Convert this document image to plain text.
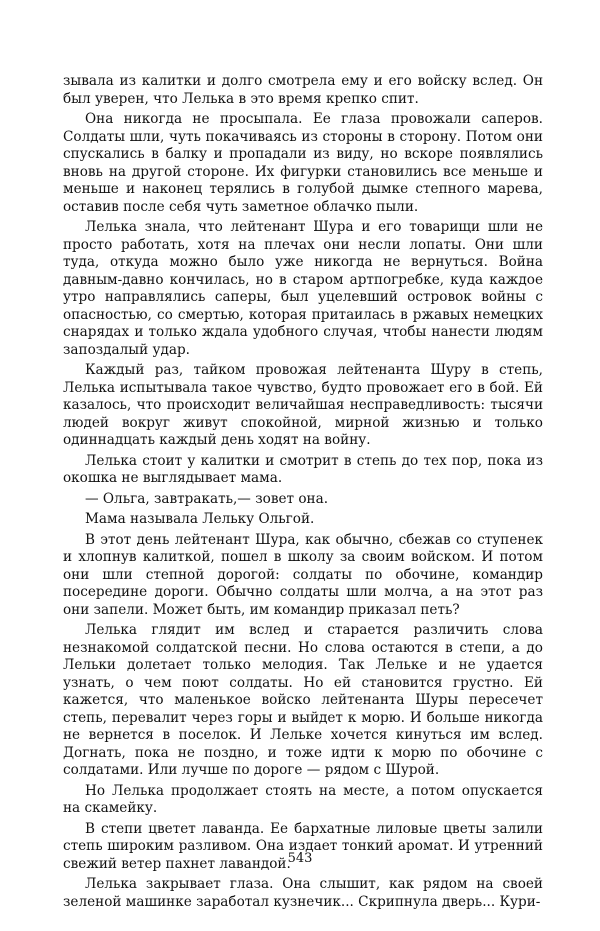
зывала из калитки и долго смотрела ему и его войску вслед. Он был уверен, что Лелька в это время крепко спит.

Она никогда не просыпала. Ее глаза провожали саперов. Солдаты шли, чуть покачиваясь из стороны в сторону. Потом они спускались в балку и пропадали из виду, но вскоре появлялись вновь на другой стороне. Их фигурки становились все меньше и меньше и наконец терялись в голубой дымке степного марева, оставив после себя чуть заметное облачко пыли.

Лелька знала, что лейтенант Шура и его товарищи шли не просто работать, хотя на плечах они несли лопаты. Они шли туда, откуда можно было уже никогда не вернуться. Война давным-давно кончилась, но в старом артпогребке, куда каждое утро направлялись саперы, был уцелевший островок войны с опасностью, со смертью, которая притаилась в ржавых немецких снарядах и только ждала удобного случая, чтобы нанести людям запоздалый удар.

Каждый раз, тайком провожая лейтенанта Шуру в степь, Лелька испытывала такое чувство, будто провожает его в бой. Ей казалось, что происходит величайшая несправедливость: тысячи людей вокруг живут спокойной, мирной жизнью и только одиннадцать каждый день ходят на войну.

Лелька стоит у калитки и смотрит в степь до тех пор, пока из окошка не выглядывает мама.

— Ольга, завтракать,— зовет она.

Мама называла Лельку Ольгой.

В этот день лейтенант Шура, как обычно, сбежав со ступенек и хлопнув калиткой, пошел в школу за своим войском. И потом они шли степной дорогой: солдаты по обочине, командир посередине дороги. Обычно солдаты шли молча, а на этот раз они запели. Может быть, им командир приказал петь?

Лелька глядит им вслед и старается различить слова незнакомой солдатской песни. Но слова остаются в степи, а до Лельки долетает только мелодия. Так Лельке и не удается узнать, о чем поют солдаты. Но ей становится грустно. Ей кажется, что маленькое войско лейтенанта Шуры пересечет степь, перевалит через горы и выйдет к морю. И больше никогда не вернется в поселок. И Лельке хочется кинуться им вслед. Догнать, пока не поздно, и тоже идти к морю по обочине с солдатами. Или лучше по дороге — рядом с Шурой.

Но Лелька продолжает стоять на месте, а потом опускается на скамейку.

В степи цветет лаванда. Ее бархатные лиловые цветы залили степь широким разливом. Она издает тонкий аромат. И утренний свежий ветер пахнет лавандой.

Лелька закрывает глаза. Она слышит, как рядом на своей зеленой машинке заработал кузнечик... Скрипнула дверь... Кури-

543
